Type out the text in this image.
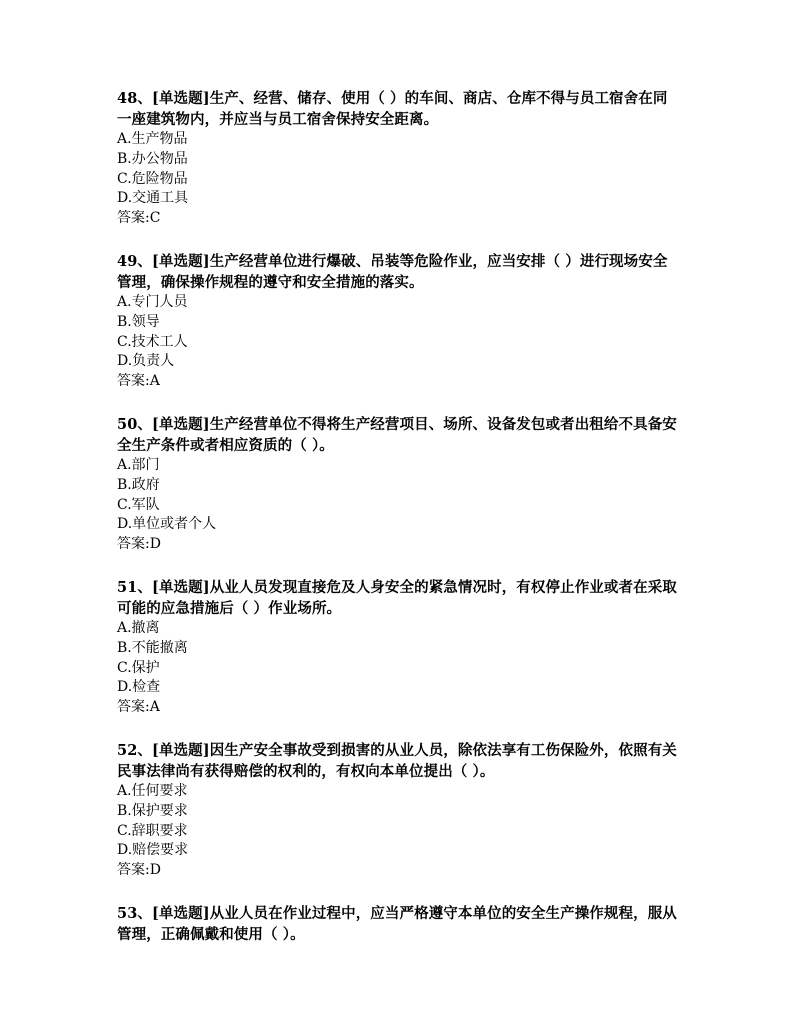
48、[单选题]生产、经营、储存、使用（ ）的车间、商店、仓库不得与员工宿舍在同一座建筑物内，并应当与员工宿舍保持安全距离。

A.生产物品

B.办公物品

C.危险物品

D.交通工具

答案:C

49、[单选题]生产经营单位进行爆破、吊装等危险作业，应当安排（ ）进行现场安全管理，确保操作规程的遵守和安全措施的落实。

A.专门人员

B.领导

C.技术工人

D.负责人

答案:A

50、[单选题]生产经营单位不得将生产经营项目、场所、设备发包或者出租给不具备安全生产条件或者相应资质的（ ）。

A.部门

B.政府

C.军队

D.单位或者个人

答案:D

51、[单选题]从业人员发现直接危及人身安全的紧急情况时，有权停止作业或者在采取可能的应急措施后（ ）作业场所。

A.撤离

B.不能撤离

C.保护

D.检查

答案:A

52、[单选题]因生产安全事故受到损害的从业人员，除依法享有工伤保险外，依照有关民事法律尚有获得赔偿的权利的，有权向本单位提出（ ）。

A.任何要求

B.保护要求

C.辞职要求

D.赔偿要求

答案:D

53、[单选题]从业人员在作业过程中，应当严格遵守本单位的安全生产操作规程，服从管理，正确佩戴和使用（ ）。
